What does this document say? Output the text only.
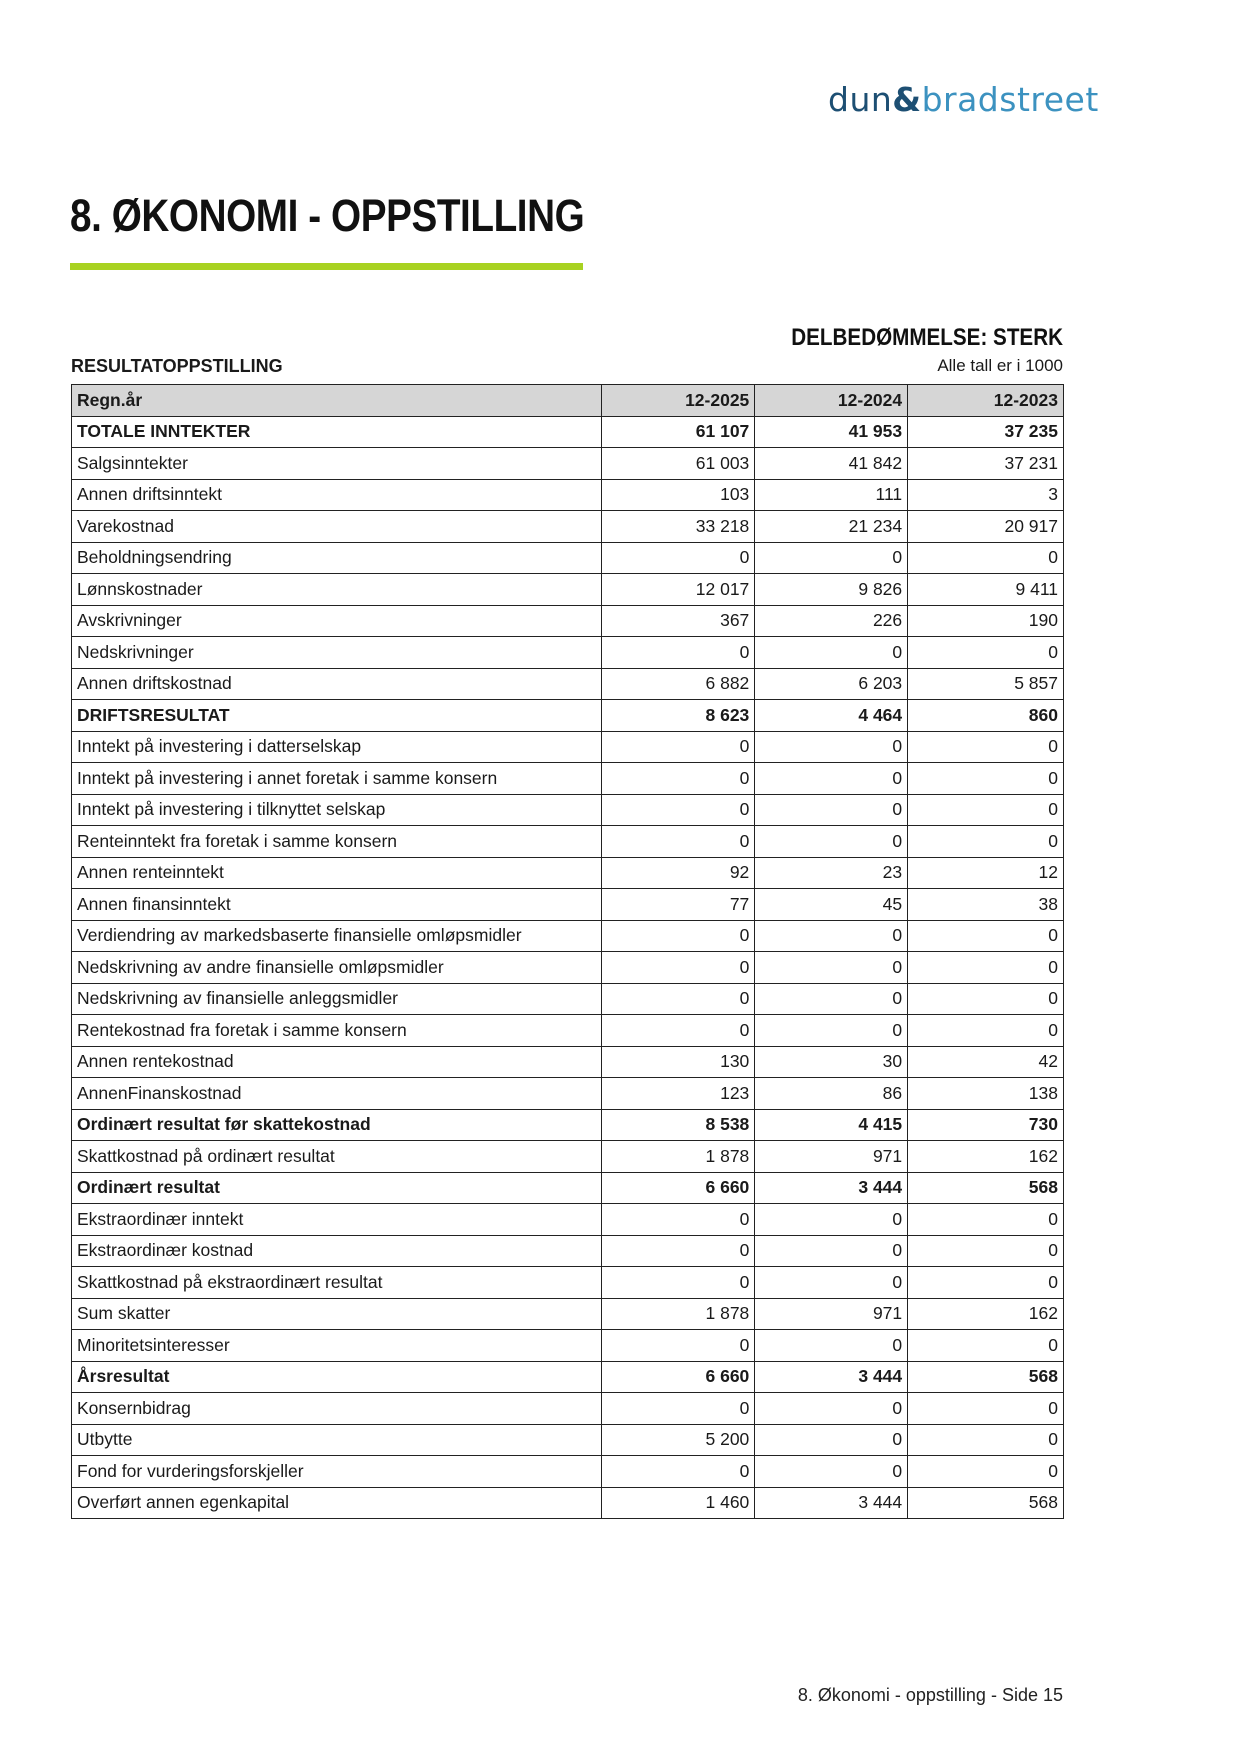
dun&bradstreet
8. ØKONOMI - OPPSTILLING
DELBEDØMMELSE: STERK
RESULTATOPPSTILLING	Alle tall er i 1000
Regn.år	12-2025	12-2024	12-2023
TOTALE INNTEKTER	61 107	41 953	37 235
Salgsinntekter	61 003	41 842	37 231
Annen driftsinntekt	103	111	3
Varekostnad	33 218	21 234	20 917
Beholdningsendring	0	0	0
Lønnskostnader	12 017	9 826	9 411
Avskrivninger	367	226	190
Nedskrivninger	0	0	0
Annen driftskostnad	6 882	6 203	5 857
DRIFTSRESULTAT	8 623	4 464	860
Inntekt på investering i datterselskap	0	0	0
Inntekt på investering i annet foretak i samme konsern	0	0	0
Inntekt på investering i tilknyttet selskap	0	0	0
Renteinntekt fra foretak i samme konsern	0	0	0
Annen renteinntekt	92	23	12
Annen finansinntekt	77	45	38
Verdiendring av markedsbaserte finansielle omløpsmidler	0	0	0
Nedskrivning av andre finansielle omløpsmidler	0	0	0
Nedskrivning av finansielle anleggsmidler	0	0	0
Rentekostnad fra foretak i samme konsern	0	0	0
Annen rentekostnad	130	30	42
AnnenFinanskostnad	123	86	138
Ordinært resultat før skattekostnad	8 538	4 415	730
Skattkostnad på ordinært resultat	1 878	971	162
Ordinært resultat	6 660	3 444	568
Ekstraordinær inntekt	0	0	0
Ekstraordinær kostnad	0	0	0
Skattkostnad på ekstraordinært resultat	0	0	0
Sum skatter	1 878	971	162
Minoritetsinteresser	0	0	0
Årsresultat	6 660	3 444	568
Konsernbidrag	0	0	0
Utbytte	5 200	0	0
Fond for vurderingsforskjeller	0	0	0
Overført annen egenkapital	1 460	3 444	568
8. Økonomi - oppstilling - Side 15
